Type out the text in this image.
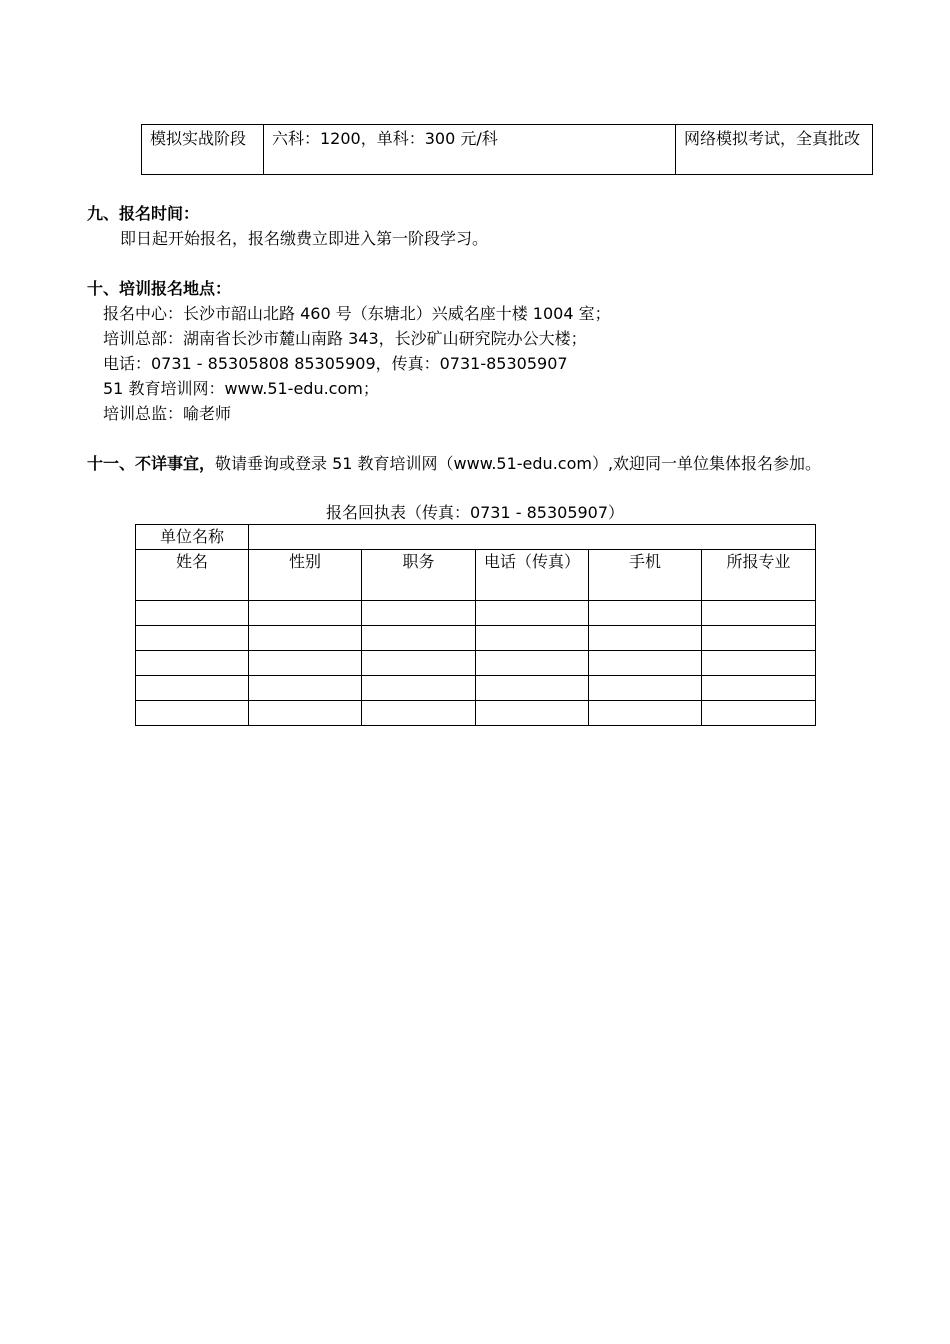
模拟实战阶段	六科：1200，单科：300 元/科	网络模拟考试，全真批改
九、报名时间：
即日起开始报名，报名缴费立即进入第一阶段学习。
十、培训报名地点：
报名中心：长沙市韶山北路 460 号（东塘北）兴威名座十楼 1004 室；
培训总部：湖南省长沙市麓山南路 343，长沙矿山研究院办公大楼；
电话：0731 - 85305808 85305909，传真：0731-85305907
51 教育培训网：www.51-edu.com；
培训总监：喻老师
十一、不详事宜，敬请垂询或登录 51 教育培训网（www.51-edu.com）,欢迎同一单位集体报名参加。
报名回执表（传真：0731 - 85305907）
单位名称					
姓名	性别	职务	电话（传真）	手机	所报专业
